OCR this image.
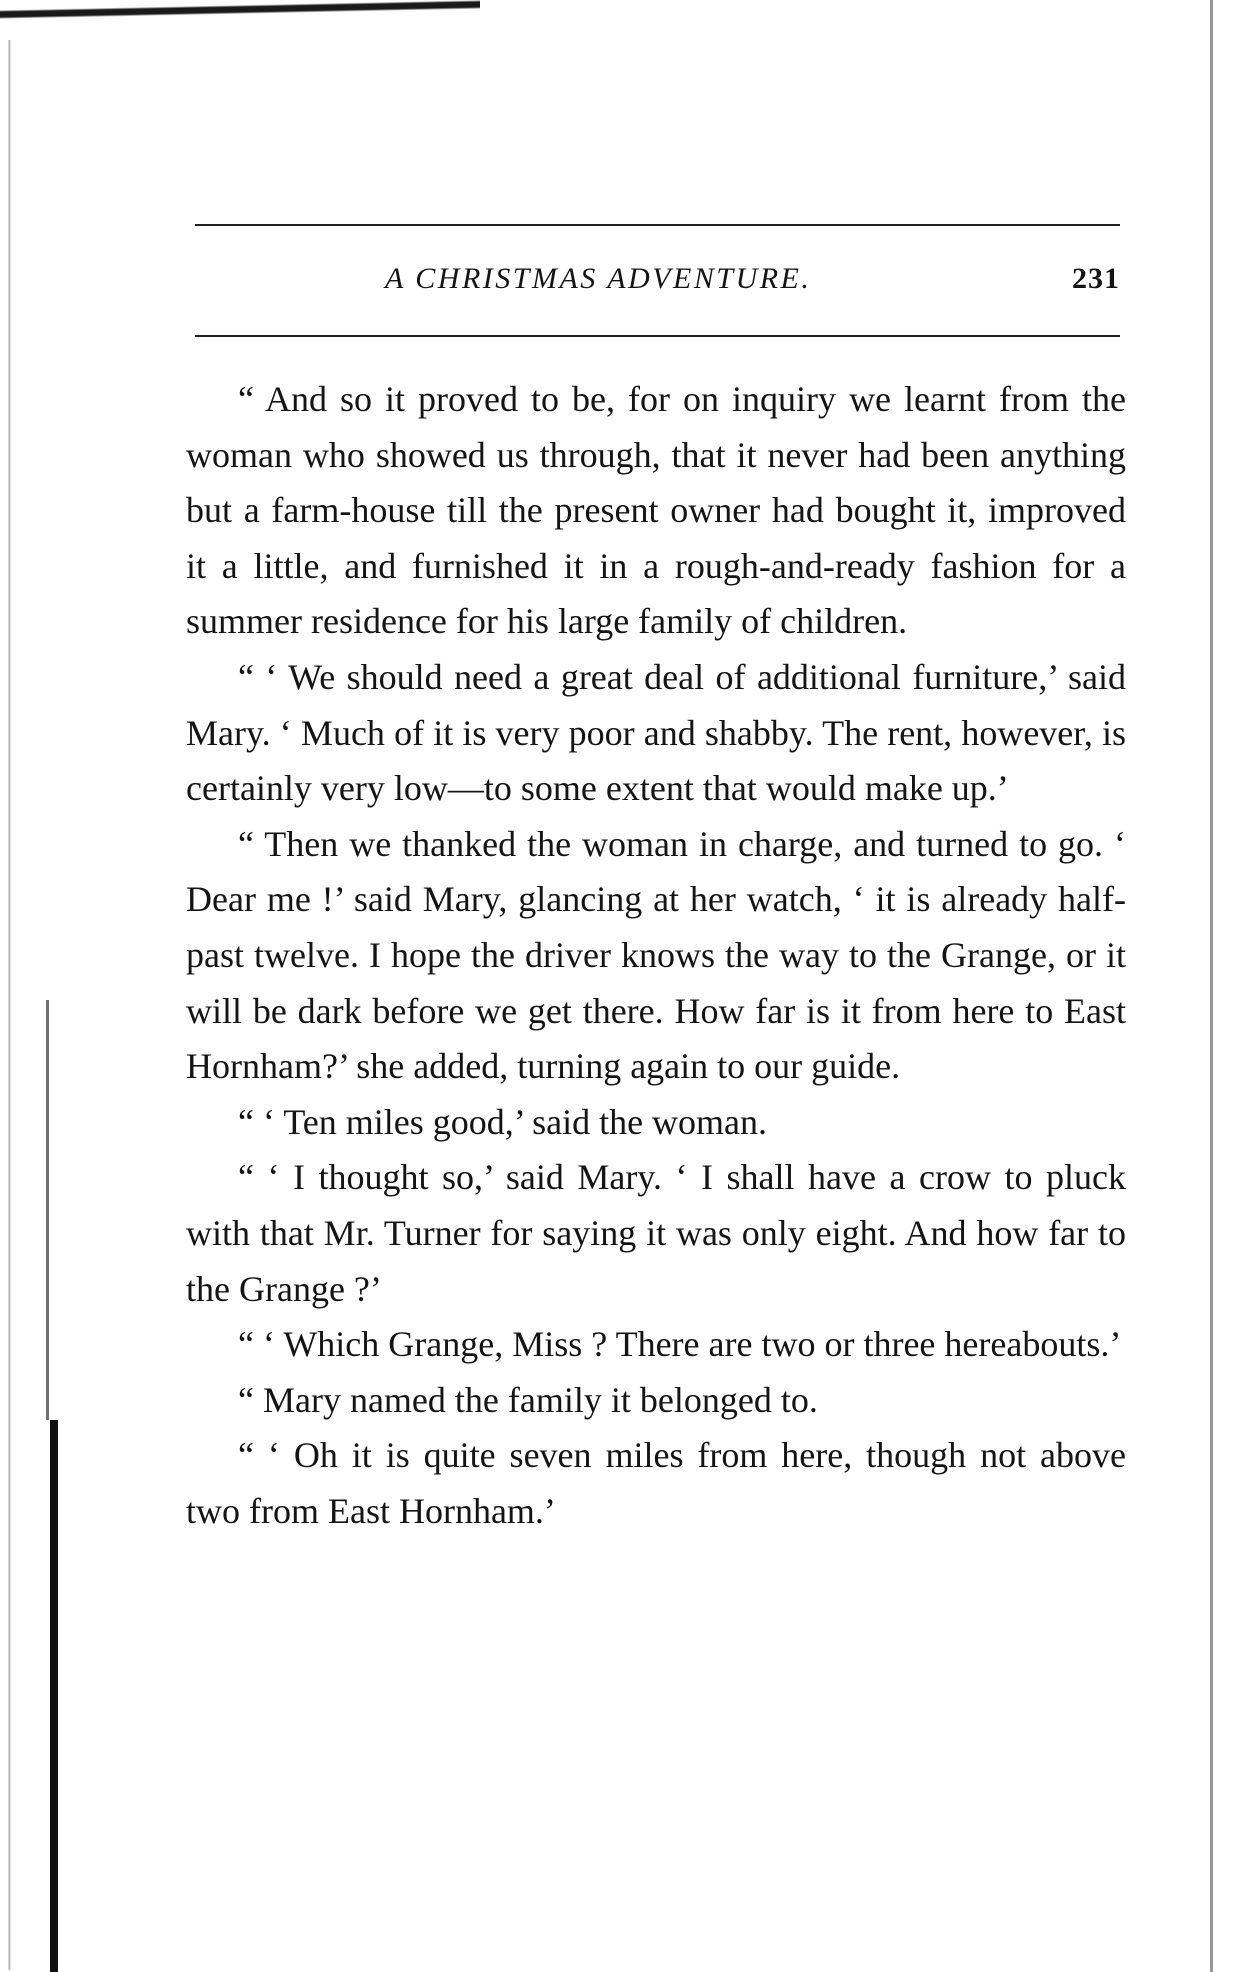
A CHRISTMAS ADVENTURE.	231

“ And so it proved to be, for on inquiry we learnt from the woman who showed us through, that it never had been anything but a farm-house till the present owner had bought it, improved it a little, and furnished it in a rough-and-ready fashion for a summer residence for his large family of children.

“ ‘ We should need a great deal of additional furniture,’ said Mary. ‘ Much of it is very poor and shabby. The rent, however, is certainly very low—to some extent that would make up.’

“ Then we thanked the woman in charge, and turned to go. ‘ Dear me !’ said Mary, glancing at her watch, ‘ it is already half-past twelve. I hope the driver knows the way to the Grange, or it will be dark before we get there. How far is it from here to East Hornham?’ she added, turning again to our guide.

“ ‘ Ten miles good,’ said the woman.

“ ‘ I thought so,’ said Mary. ‘ I shall have a crow to pluck with that Mr. Turner for saying it was only eight. And how far to the Grange ?’

“ ‘ Which Grange, Miss ? There are two or three hereabouts.’

“ Mary named the family it belonged to.

“ ‘ Oh it is quite seven miles from here, though not above two from East Hornham.’
